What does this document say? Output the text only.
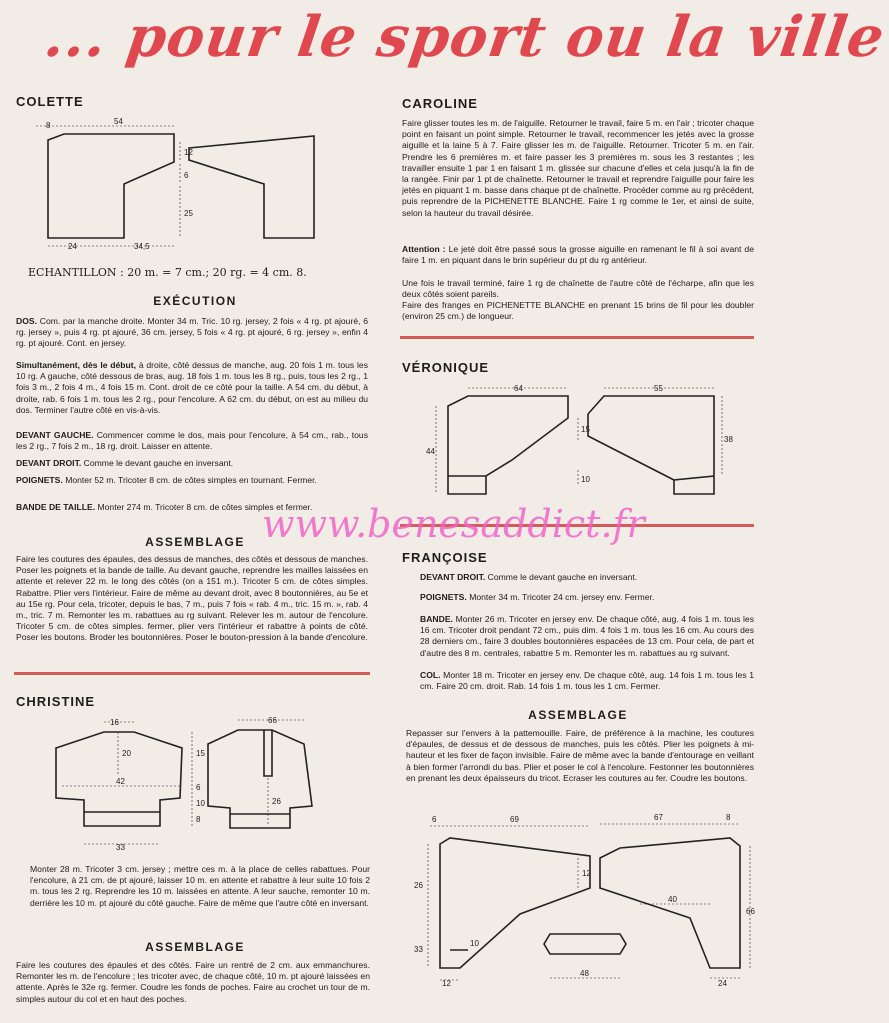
... pour le sport ou la ville
COLETTE
8	54
12
6
25
24	34,5
ECHANTILLON : 20 m. = 7 cm.; 20 rg. = 4 cm. 8.
EXÉCUTION

DOS. Com. par la manche droite. Monter 34 m. Tric. 10 rg. jersey, 2 fois « 4 rg. pt ajouré, 6 rg. jersey », puis 4 rg. pt ajouré, 36 cm. jersey, 5 fois « 4 rg. pt ajouré, 6 rg. jersey », enfin 4 rg. pt ajouré. Cont. en jersey.

Simultanément, dès le début, à droite, côté dessus de manche, aug. 20 fois 1 m. tous les 10 rg. A gauche, côté dessous de bras, aug. 18 fois 1 m. tous les 8 rg., puis, tous les 2 rg., 1 fois 3 m., 2 fois 4 m., 4 fois 15 m. Cont. droit de ce côté pour la taille. A 54 cm. du début, à droite, rab. 6 fois 1 m. tous les 2 rg., pour l'encolure. A 62 cm. du début, on est au milieu du dos. Terminer l'autre côté en vis-à-vis.

DEVANT GAUCHE. Commencer comme le dos, mais pour l'encolure, à 54 cm., rab., tous les 2 rg., 7 fois 2 m., 18 rg. droit. Laisser en attente.

DEVANT DROIT. Comme le devant gauche en inversant.

POIGNETS. Monter 52 m. Tricoter 8 cm. de côtes simples en tournant. Fermer.

BANDE DE TAILLE. Monter 274 m. Tricoter 8 cm. de côtes simples et fermer.

ASSEMBLAGE

Faire les coutures des épaules, des dessus de manches, des côtés et dessous de manches. Poser les poignets et la bande de taille. Au devant gauche, reprendre les mailles laissées en attente et relever 22 m. le long des côtés (on a 151 m.). Tricoter 5 cm. de côtes simples. Rabattre. Plier vers l'intérieur. Faire de même au devant droit, avec 8 boutonnières, au 5e et au 15e rg. Pour cela, tricoter, depuis le bas, 7 m., puis 7 fois « rab. 4 m., tric. 15 m. », rab. 4 m., tric. 7 m. Remonter les m. rabattues au rg suivant. Relever les m. autour de l'encolure. Tricoter 5 cm. de côtes simples. fermer, plier vers l'intérieur et rabattre à points de côté. Poser les boutons. Broder les boutonnières. Poser le bouton-pression à la bande d'encolure.

CHRISTINE
16	66
20	15
42
6
10	26
8
33

Monter 28 m. Tricoter 3 cm. jersey ; mettre ces m. à la place de celles rabattues. Pour l'encolure, à 21 cm. de pt ajouré, laisser 10 m. en attente et rabattre à leur suite 10 fois 2 m. tous les 2 rg. Reprendre les 10 m. laissées en attente. A leur sauche, remonter 10 m. derrière les 10 m. pt ajouré du côté gauche. Faire de même que l'autre côté en inversant.

ASSEMBLAGE

Faire les coutures des épaules et des côtés. Faire un rentré de 2 cm. aux emmanchures. Remonter les m. de l'encolure ; les tricoter avec, de chaque côté, 10 m. pt ajouré laissées en attente. Après le 32e rg. fermer. Coudre les fonds de poches. Faire au crochet un tour de m. simples autour du col et en haut des poches.

CAROLINE

Faire glisser toutes les m. de l'aiguille. Retourner le travail, faire 5 m. en l'air ; tricoter chaque point en faisant un point simple. Retourner le travail, recommencer les jetés avec la grosse aiguille et la laine 5 à 7. Faire glisser les m. de l'aiguille. Retourner. Tricoter 5 m. en l'air. Prendre les 6 premières m. et faire passer les 3 premières m. sous les 3 restantes ; les travailler ensuite 1 par 1 en faisant 1 m. glissée sur chacune d'elles et cela jusqu'à la fin de la rangée. Finir par 1 pt de chaînette. Retourner le travail et reprendre l'aiguille pour faire les jetés en piquant 1 m. basse dans chaque pt de chaînette. Procéder comme au rg précédent, puis reprendre de la PICHENETTE BLANCHE. Faire 1 rg comme le 1er, et ainsi de suite, selon la hauteur du travail désirée.

Attention : Le jeté doit être passé sous la grosse aiguille en ramenant le fil à soi avant de faire 1 m. en piquant dans le brin supérieur du pt du rg antérieur.

Une fois le travail terminé, faire 1 rg de chaînette de l'autre côté de l'écharpe, afin que les deux côtés soient pareils.

Faire des franges en PICHENETTE BLANCHE en prenant 15 brins de fil pour les doubler (environ 25 cm.) de longueur.

VÉRONIQUE
64	55
44
15
38
10
FRANÇOISE

DEVANT DROIT. Comme le devant gauche en inversant.

POIGNETS. Monter 34 m. Tricoter 24 cm. jersey env. Fermer.

BANDE. Monter 26 m. Tricoter en jersey env. De chaque côté, aug. 4 fois 1 m. tous les 16 cm. Tricoter droit pendant 72 cm., puis dim. 4 fois 1 m. tous les 16 cm. Au cours des 28 derniers cm., faire 3 doubles boutonnières espacées de 13 cm. Pour cela, de part et d'autre des 8 m. centrales, rabattre 5 m. Remonter les m. rabattues au rg suivant.

COL. Monter 18 m. Tricoter en jersey env. De chaque côté, aug. 14 fois 1 m. tous les 1 cm. Faire 20 cm. droit. Rab. 14 fois 1 m. tous les 1 cm. Fermer.

ASSEMBLAGE

Repasser sur l'envers à la pattemouille. Faire, de préférence à la machine, les coutures d'épaules, de dessus et de dessous de manches, puis les côtés. Plier les poignets à mi-hauteur et les fixer de façon invisible. Faire de même avec la bande d'entourage en veillant à bien former l'arrondi du bas. Plier et poser le col à l'encolure. Festonner les boutonnières en prenant les deux épaisseurs du tricot. Ecraser les coutures au fer. Coudre les boutons.

6	69	67	8
26
12
40
33
10
48
66
12	24
www.benesaddict.fr
